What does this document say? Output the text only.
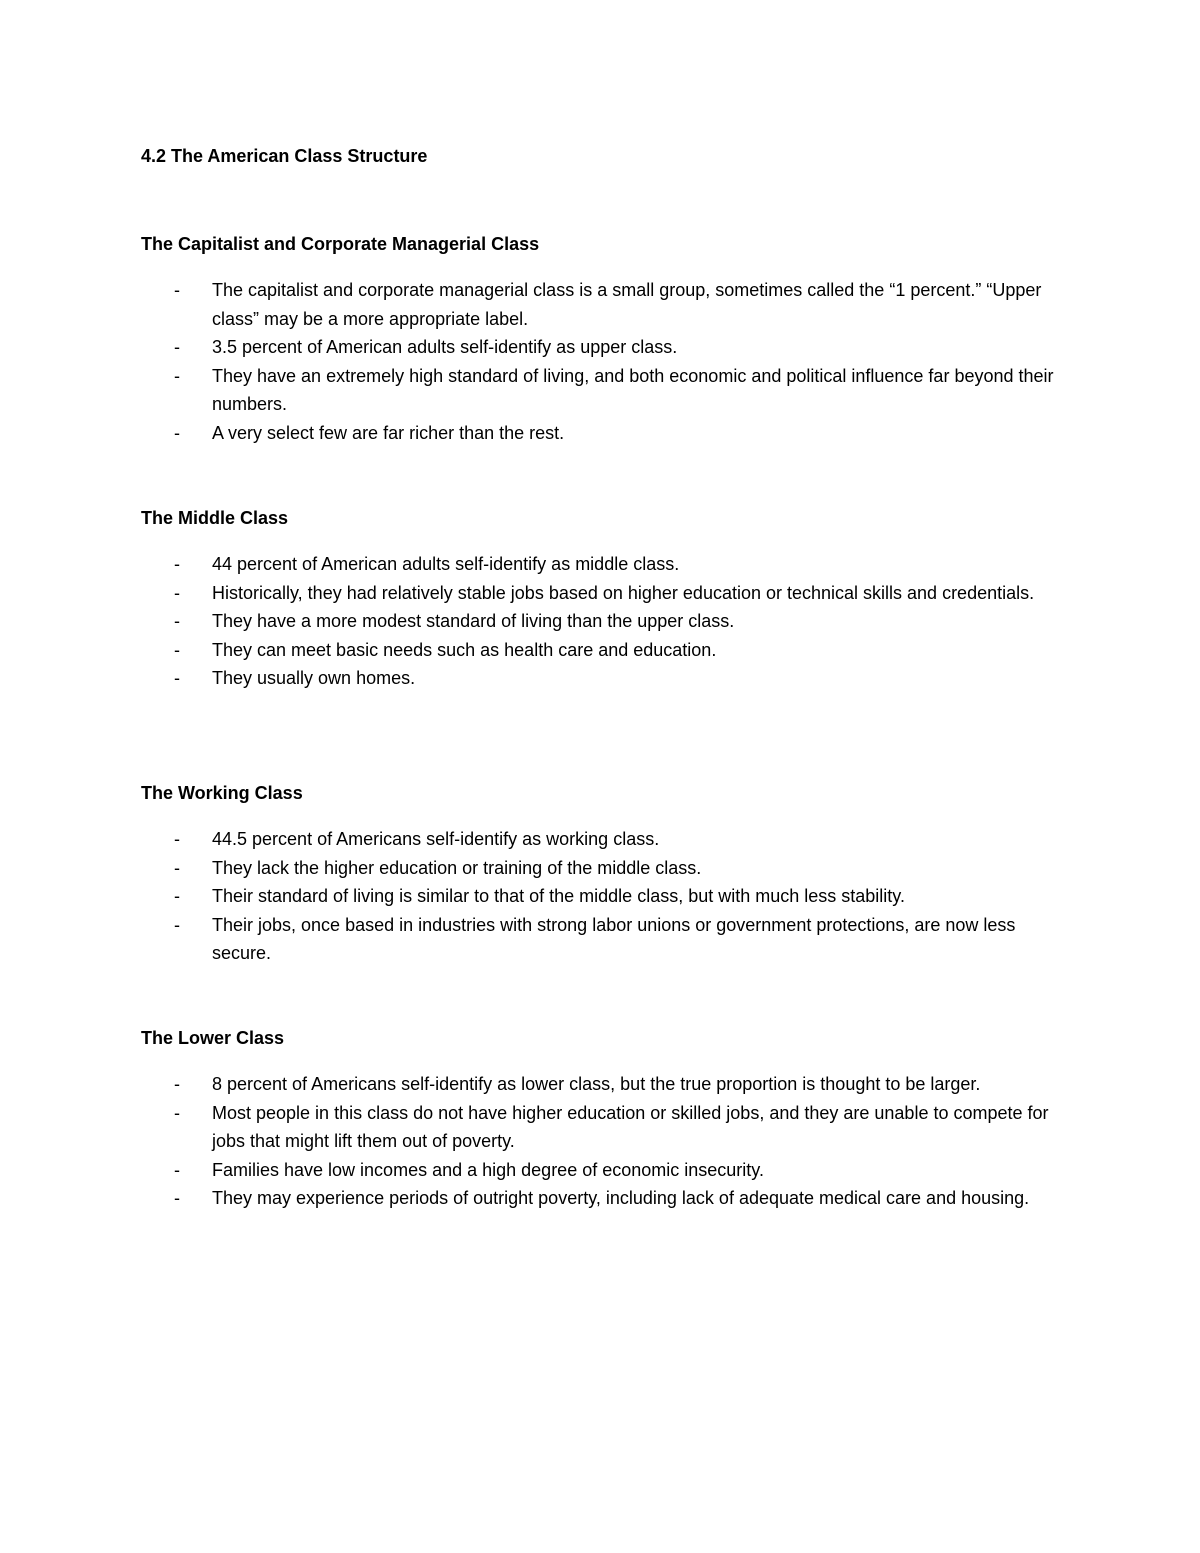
4.2 The American Class Structure
The Capitalist and Corporate Managerial Class
-	The capitalist and corporate managerial class is a small group, sometimes called the “1 percent.” “Upper class” may be a more appropriate label.
-	3.5 percent of American adults self-identify as upper class.
-	They have an extremely high standard of living, and both economic and political influence far beyond their numbers.
-	A very select few are far richer than the rest.
The Middle Class
-	44 percent of American adults self-identify as middle class.
-	Historically, they had relatively stable jobs based on higher education or technical skills and credentials.
-	They have a more modest standard of living than the upper class.
-	They can meet basic needs such as health care and education.
-	They usually own homes.
The Working Class
-	44.5 percent of Americans self-identify as working class.
-	They lack the higher education or training of the middle class.
-	Their standard of living is similar to that of the middle class, but with much less stability.
-	Their jobs, once based in industries with strong labor unions or government protections, are now less secure.
The Lower Class
-	8 percent of Americans self-identify as lower class, but the true proportion is thought to be larger.
-	Most people in this class do not have higher education or skilled jobs, and they are unable to compete for jobs that might lift them out of poverty.
-	Families have low incomes and a high degree of economic insecurity.
-	They may experience periods of outright poverty, including lack of adequate medical care and housing.
